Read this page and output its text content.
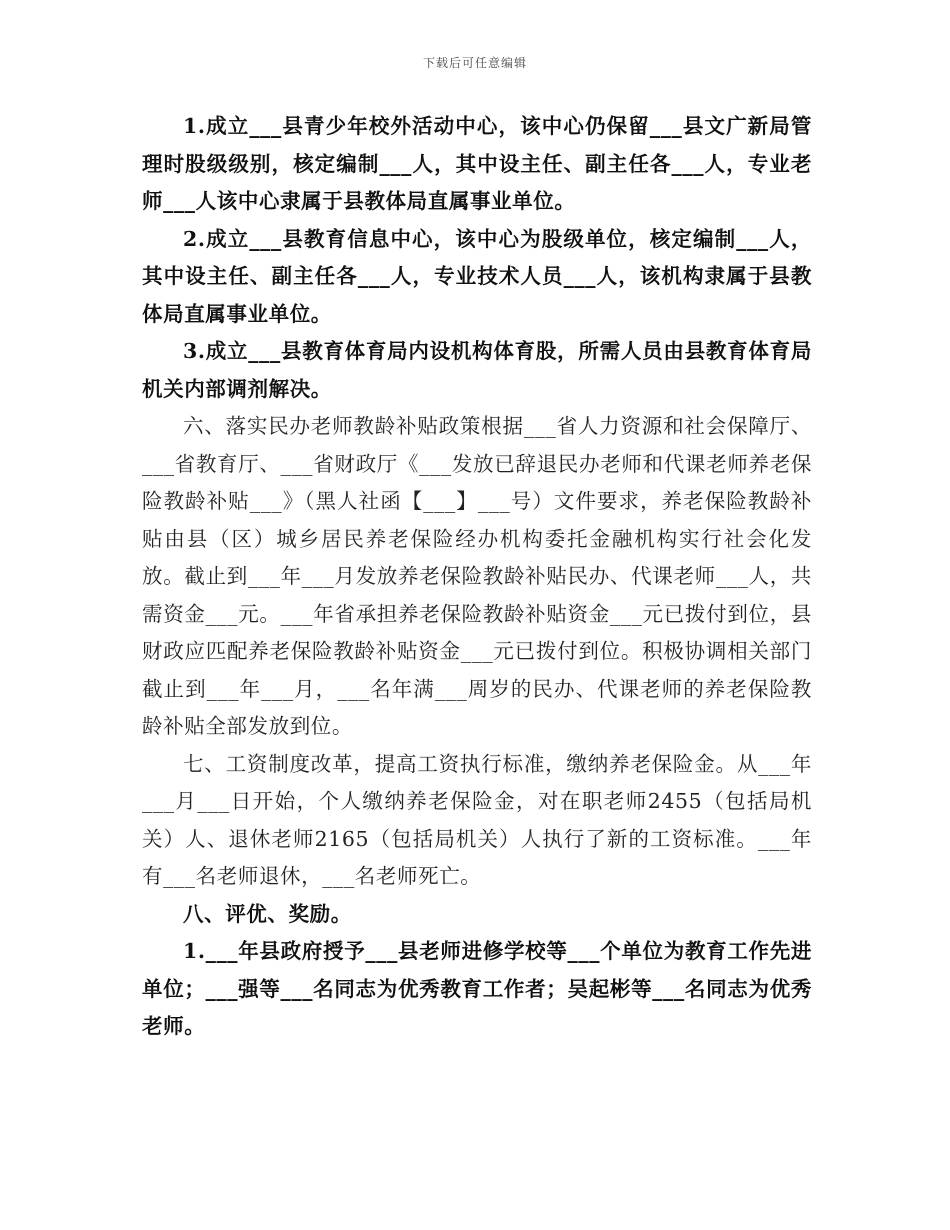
下载后可任意编辑

1.成立___县青少年校外活动中心，该中心仍保留___县文广新局管理时股级级别，核定编制___人，其中设主任、副主任各___人，专业老师___人该中心隶属于县教体局直属事业单位。

2.成立___县教育信息中心，该中心为股级单位，核定编制___人，其中设主任、副主任各___人，专业技术人员___人，该机构隶属于县教体局直属事业单位。

3.成立___县教育体育局内设机构体育股，所需人员由县教育体育局机关内部调剂解决。

六、落实民办老师教龄补贴政策根据___省人力资源和社会保障厅、___省教育厅、___省财政厅《___发放已辞退民办老师和代课老师养老保险教龄补贴___》（黑人社函【___】___号）文件要求，养老保险教龄补贴由县（区）城乡居民养老保险经办机构委托金融机构实行社会化发放。截止到___年___月发放养老保险教龄补贴民办、代课老师___人，共需资金___元。___年省承担养老保险教龄补贴资金___元已拨付到位，县财政应匹配养老保险教龄补贴资金___元已拨付到位。积极协调相关部门截止到___年___月，___名年满___周岁的民办、代课老师的养老保险教龄补贴全部发放到位。

七、工资制度改革，提高工资执行标准，缴纳养老保险金。从___年___月___日开始，个人缴纳养老保险金，对在职老师2455（包括局机关）人、退休老师2165（包括局机关）人执行了新的工资标准。___年有___名老师退休，___名老师死亡。

八、评优、奖励。

1.___年县政府授予___县老师进修学校等___个单位为教育工作先进单位；___强等___名同志为优秀教育工作者；吴起彬等___名同志为优秀老师。
